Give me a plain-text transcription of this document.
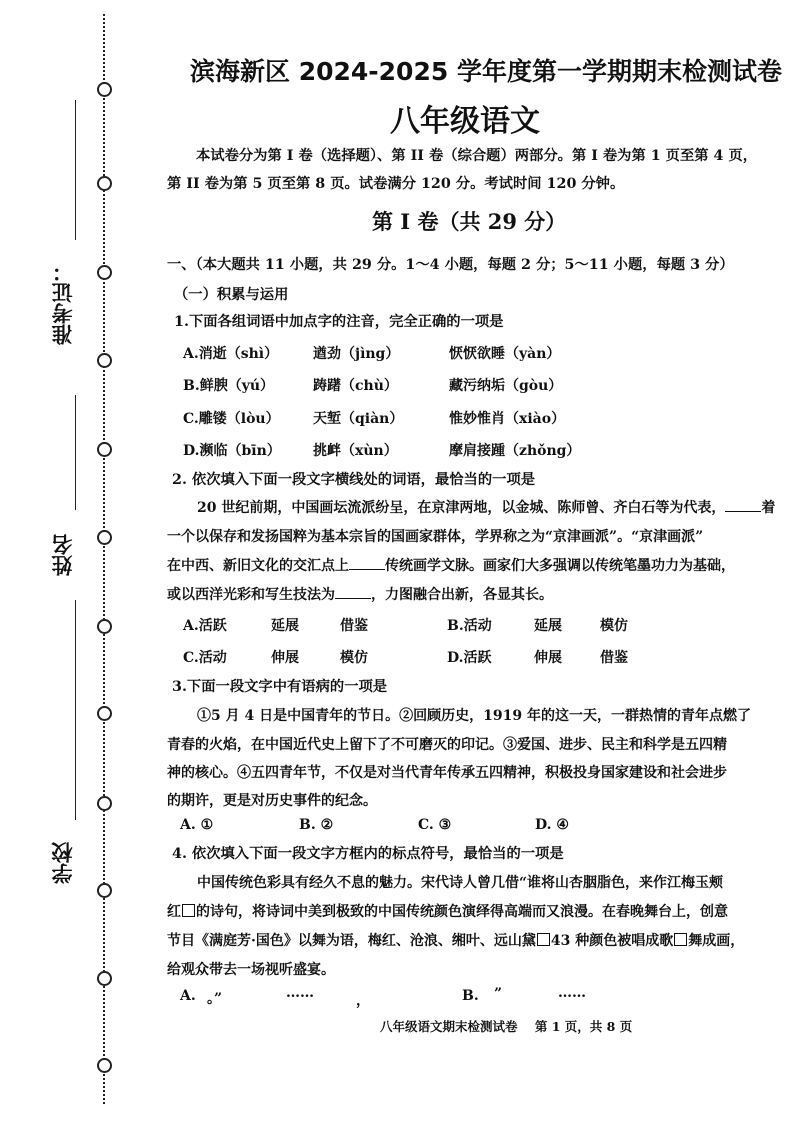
准考证：
姓名
学校
滨海新区 2024-2025 学年度第一学期期末检测试卷
八年级语文
本试卷分为第 I 卷（选择题）、第 II 卷（综合题）两部分。第 I 卷为第 1 页至第 4 页，
第 II 卷为第 5 页至第 8 页。试卷满分 120 分。考试时间 120 分钟。
第 I 卷（共 29 分）
一、（本大题共 11 小题，共 29 分。1～4 小题，每题 2 分；5～11 小题，每题 3 分）
（一）积累与运用
1.下面各组词语中加点字的注音，完全正确的一项是
A.消逝（shì） 遒劲（jìng）	恹恹欲睡（yàn）
B.鲜腴（yú）	踌躇（chù）	藏污纳垢（gòu）
C.雕镂（lòu） 天堑（qiàn）	惟妙惟肖（xiào）
D.濒临（bīn） 挑衅（xùn）	摩肩接踵（zhǒng）
2. 依次填入下面一段文字横线处的词语，最恰当的一项是
20 世纪前期，中国画坛流派纷呈，在京津两地，以金城、陈师曾、齐白石等为代表，	着
一个以保存和发扬国粹为基本宗旨的国画家群体，学界称之为“京津画派”。“京津画派”
在中西、新旧文化的交汇点上	传统画学文脉。画家们大多强调以传统笔墨功力为基础，
或以西洋光彩和写生技法为	，力图融合出新，各显其长。
A.活跃	延展	借鉴	B.活动	延展	模仿
C.活动	伸展	模仿	D.活跃	伸展	借鉴
3.下面一段文字中有语病的一项是
①5 月 4 日是中国青年的节日。②回顾历史，1919 年的这一天，一群热情的青年点燃了
青春的火焰，在中国近代史上留下了不可磨灭的印记。③爱国、进步、民主和科学是五四精
神的核心。④五四青年节，不仅是对当代青年传承五四精神，积极投身国家建设和社会进步
的期许，更是对历史事件的纪念。
A. ①	B. ②	C. ③	D. ④
4. 依次填入下面一段文字方框内的标点符号，最恰当的一项是
中国传统色彩具有经久不息的魅力。宋代诗人曾几借“谁将山杏胭脂色，来作江梅玉颊
红 的诗句，将诗词中美到极致的中国传统颜色演绎得高端而又浪漫。在春晚舞台上，创意
节目《满庭芳·国色》以舞为语，梅红、沧浪、缃叶、远山黛 43 种颜色被唱成歌 舞成画，
给观众带去一场视听盛宴。
A. 。”	……	，	B. ”	……
八年级语文期末检测试卷    第 1 页，共 8 页
